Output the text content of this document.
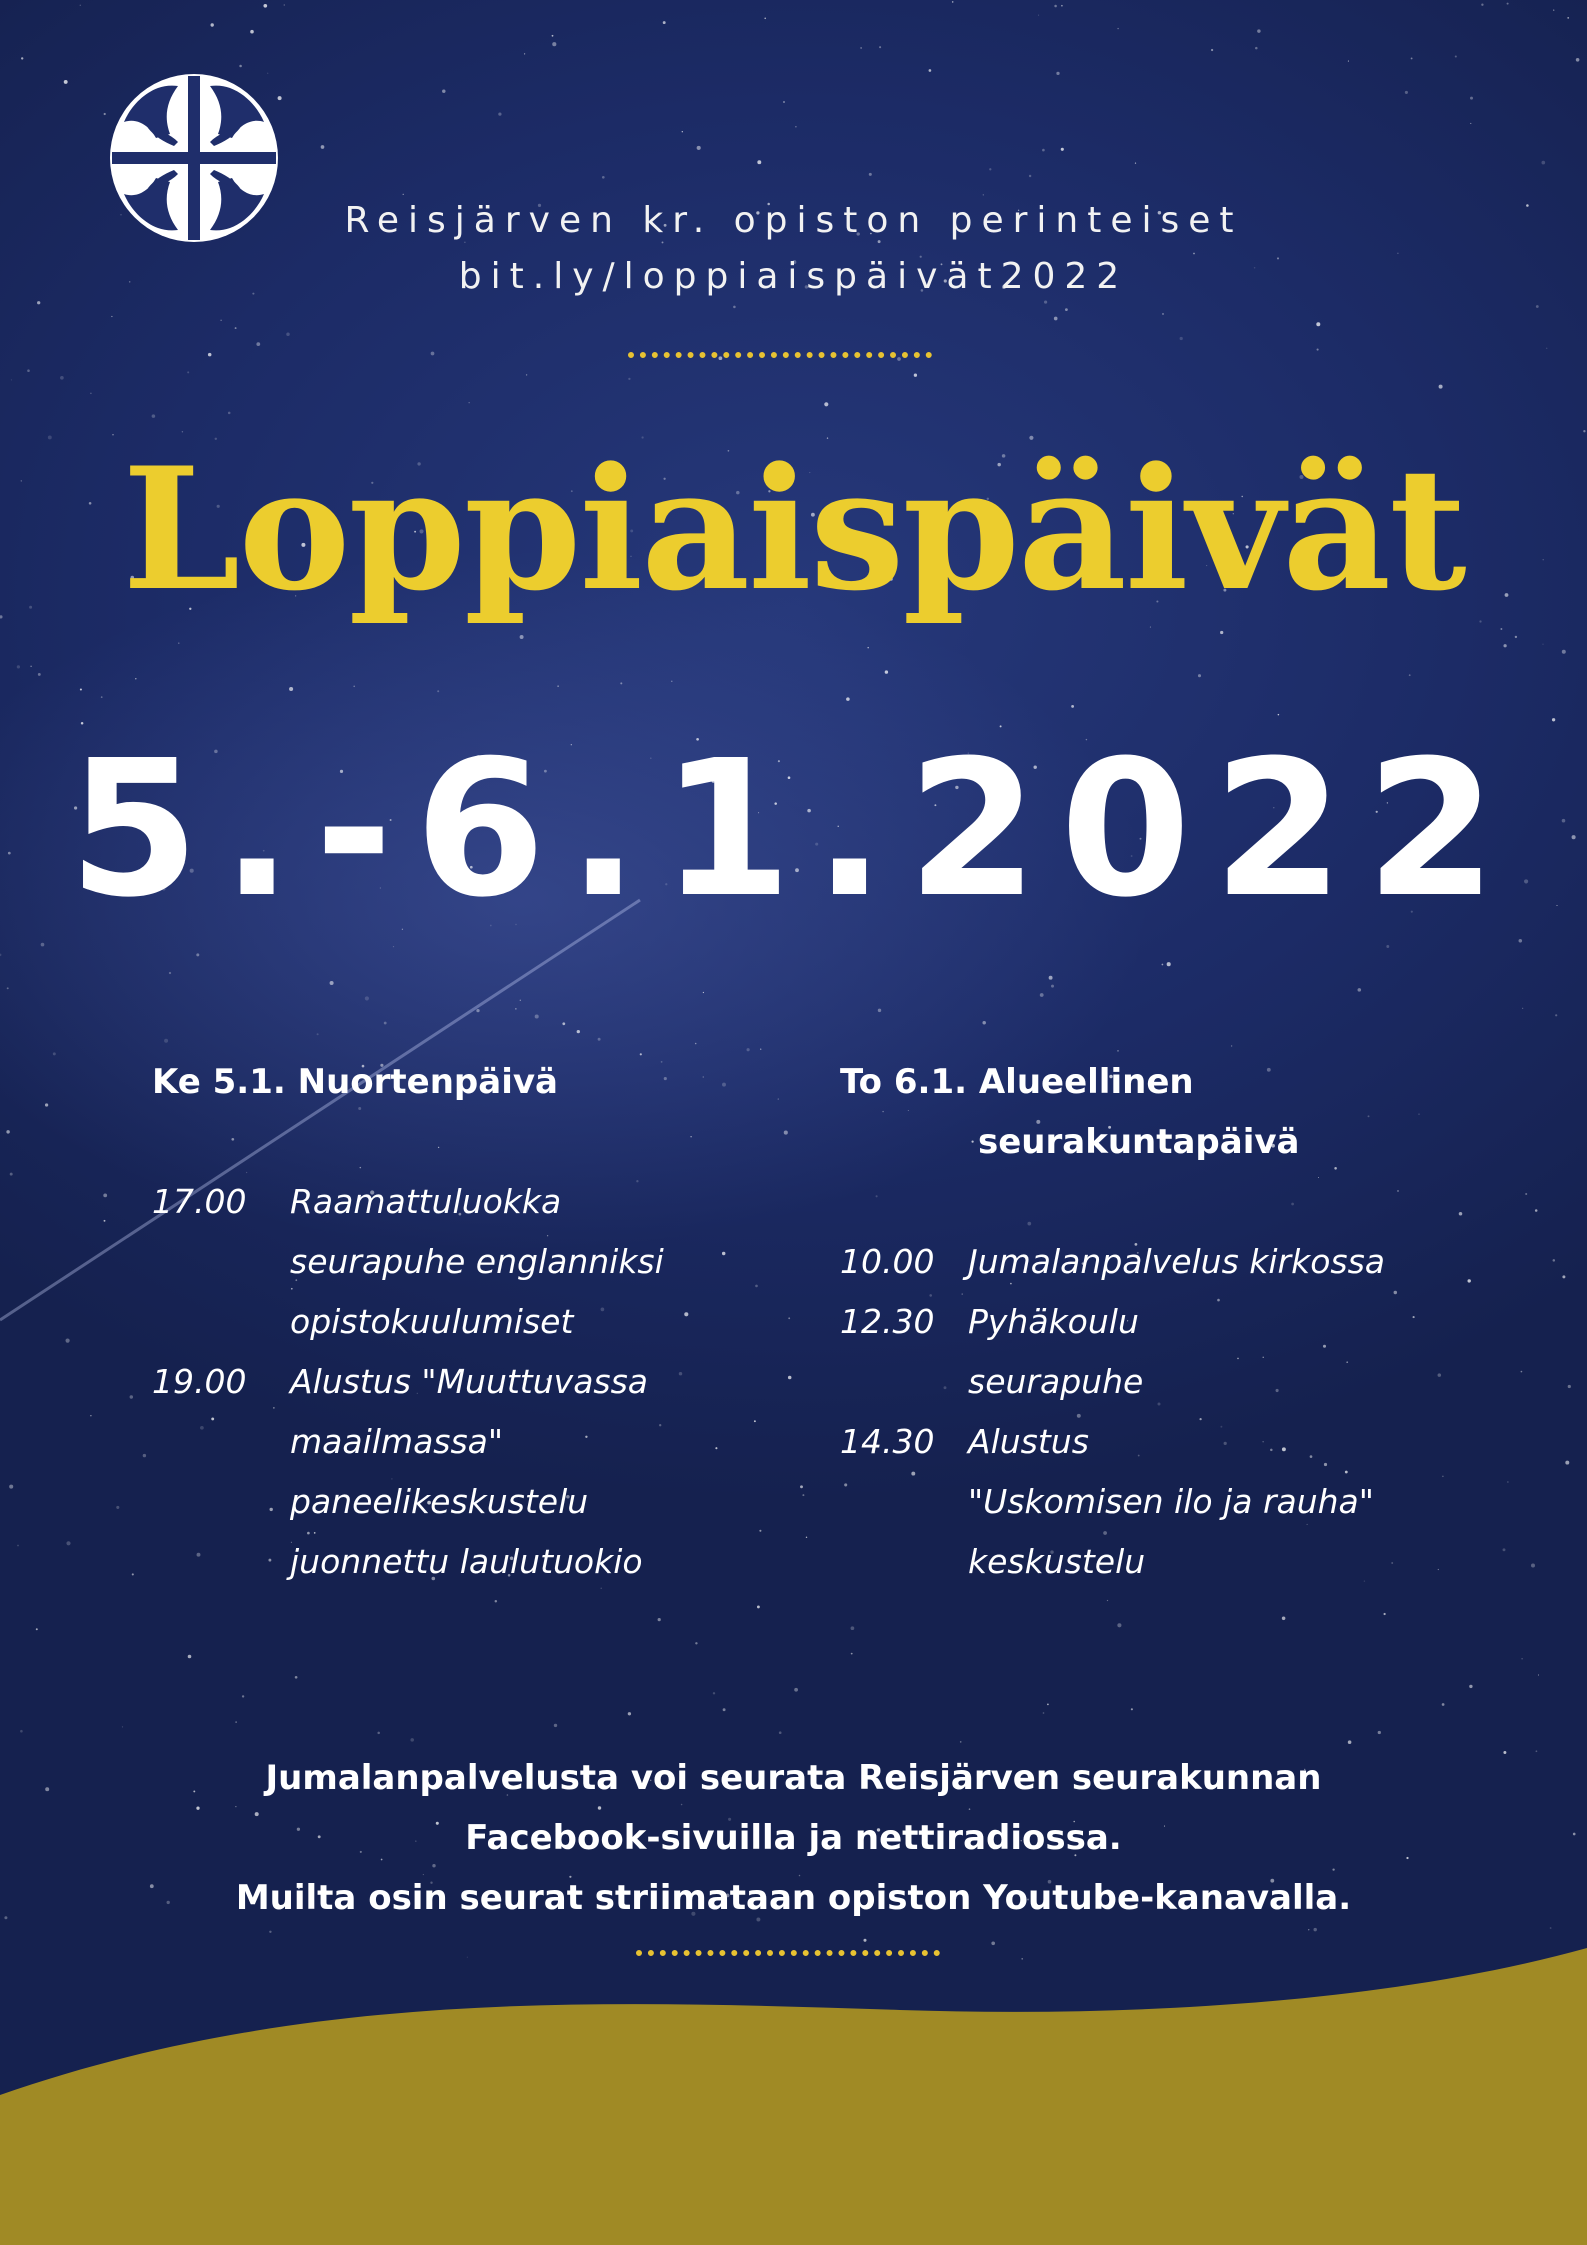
Reisjärven kr. opiston perinteiset
bit.ly/loppiaispäivät2022
Loppiaispäivät
5.-6.1.2022
Ke 5.1. Nuortenpäivä
17.00	Raamattuluokka
seurapuhe englanniksi
opistokuulumiset
19.00	Alustus "Muuttuvassa
maailmassa"
paneelikeskustelu
juonnettu laulutuokio
To 6.1. Alueellinen
seurakuntapäivä
10.00	Jumalanpalvelus kirkossa
12.30	Pyhäkoulu
seurapuhe
14.30	Alustus
"Uskomisen ilo ja rauha"
keskustelu
Jumalanpalvelusta voi seurata Reisjärven seurakunnan
Facebook-sivuilla ja nettiradiossa.
Muilta osin seurat striimataan opiston Youtube-kanavalla.
